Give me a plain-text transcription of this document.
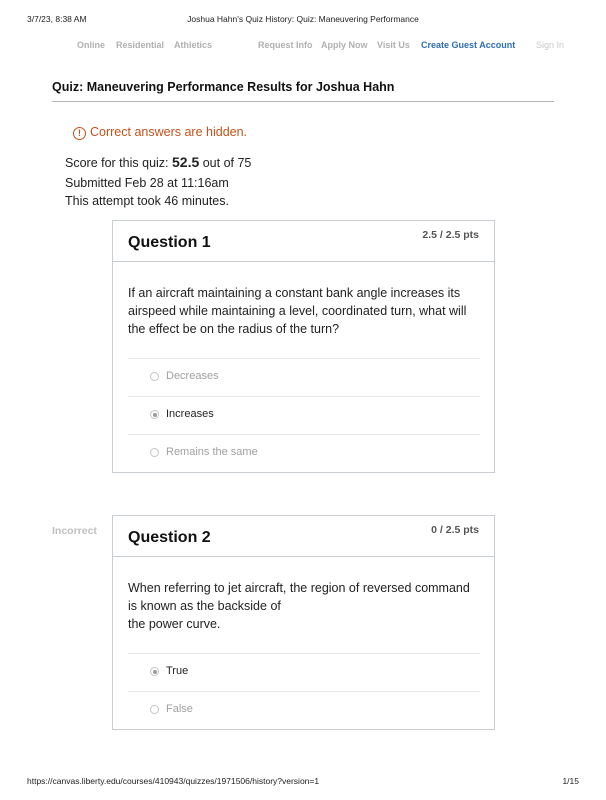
3/7/23, 8:38 AM	Joshua Hahn's Quiz History: Quiz: Maneuvering Performance
Online Residential Athletics	Request Info Apply Now Visit Us Create Guest Account Sign In
Quiz: Maneuvering Performance Results for Joshua Hahn
! Correct answers are hidden.
Score for this quiz: 52.5 out of 75
Submitted Feb 28 at 11:16am
This attempt took 46 minutes.
Question 1	2.5 / 2.5 pts
If an aircraft maintaining a constant bank angle increases its airspeed while maintaining a level, coordinated turn, what will the effect be on the radius of the turn?
Decreases
Increases
Remains the same
Incorrect Question 2	0 / 2.5 pts
When referring to jet aircraft, the region of reversed command is known as the backside of
the power curve.
True
False
https://canvas.liberty.edu/courses/410943/quizzes/1971506/history?version=1	1/15
